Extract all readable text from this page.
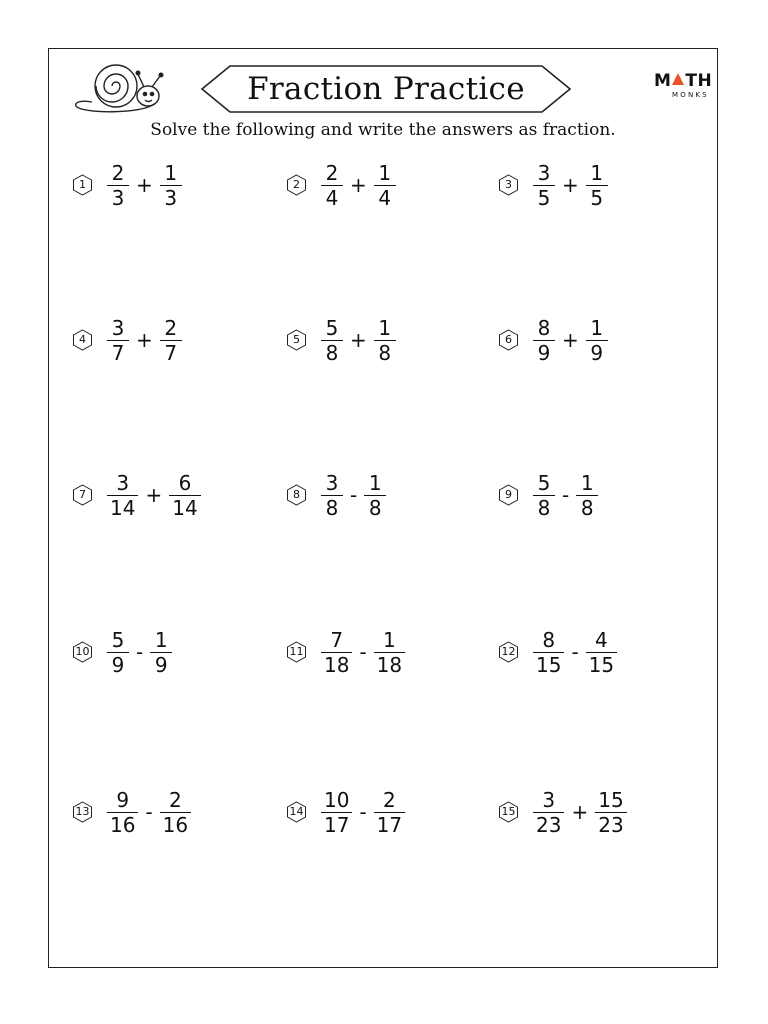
Fraction Practice	M TH
MONKS
Solve the following and write the answers as fraction.
1	$\frac{2}{3} + \frac{1}{3}$	2	$\frac{2}{4} + \frac{1}{4}$	3	$\frac{3}{5} + \frac{1}{5}$
4	$\frac{3}{7} + \frac{2}{7}$	5	$\frac{5}{8} + \frac{1}{8}$	6	$\frac{8}{9} + \frac{1}{9}$
7	$\frac{3}{14} + \frac{6}{14}$	8	$\frac{3}{8} - \frac{1}{8}$	9	$\frac{5}{8} - \frac{1}{8}$
$10 \frac{5}{9} - \frac{1}{9}$	$11 \frac{7}{18} - \frac{1}{18}$	$12 \frac{8}{15} - \frac{4}{15}$
$13 \frac{9}{16} - \frac{2}{16}$	$14 \frac{10}{17} - \frac{2}{17}$	$15 \frac{3}{23} + \frac{15}{23}$
